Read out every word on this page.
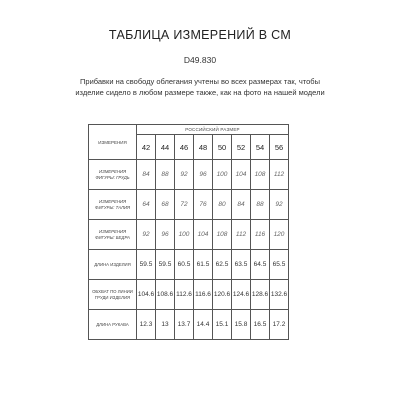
ТАБЛИЦА ИЗМЕРЕНИЙ В СМ
D49.830
Прибавки на свободу облегания учтены во всех размерах так, чтобы изделие сидело в любом размере также, как на фото на нашей модели
ИЗМЕРЕНИЯ	РОССИЙСКИЙ РАЗМЕР							
	42	44	46	48	50	52	54	56
ИЗМЕРЕНИЯ ФИГУРЫ: ГРУДЬ	84	88	92	96	100	104	108	112
ИЗМЕРЕНИЯ ФИГУРЫ: ТАЛИЯ	64	68	72	76	80	84	88	92
ИЗМЕРЕНИЯ ФИГУРЫ: БЕДРА	92	96	100	104	108	112	116	120
ДЛИНА ИЗДЕЛИЯ	59.5	59.5	60.5	61.5	62.5	63.5	64.5	65.5
ОБХВАТ ПО ЛИНИИ ГРУДИ ИЗДЕЛИЯ	104.6	108.6	112.6	116.6	120.6	124.6	128.6	132.6
ДЛИНА РУКАВА	12.3	13	13.7	14.4	15.1	15.8	16.5	17.2
